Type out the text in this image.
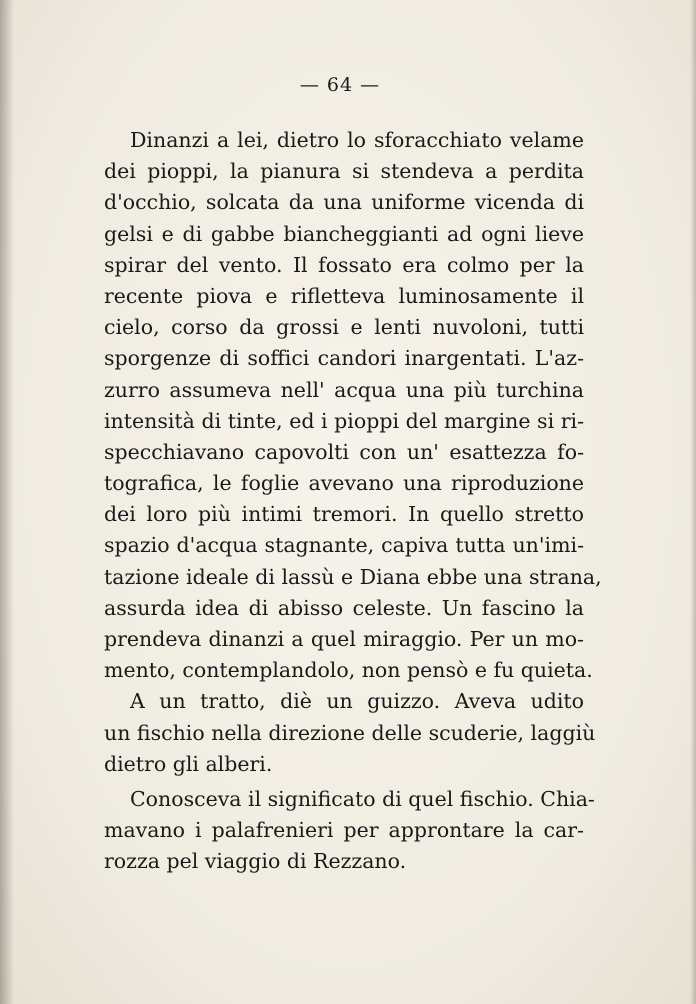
— 64 —
Dinanzi a lei, dietro lo sforacchiato velame
dei pioppi, la pianura si stendeva a perdita
d'occhio, solcata da una uniforme vicenda di
gelsi e di gabbe biancheggianti ad ogni lieve
spirar del vento. Il fossato era colmo per la
recente piova e rifletteva luminosamente il
cielo, corso da grossi e lenti nuvoloni, tutti
sporgenze di soffici candori inargentati. L'az-
zurro assumeva nell' acqua una più turchina
intensità di tinte, ed i pioppi del margine si ri-
specchiavano capovolti con un' esattezza fo-
tografica, le foglie avevano una riproduzione
dei loro più intimi tremori. In quello stretto
spazio d'acqua stagnante, capiva tutta un'imi-
tazione ideale di lassù e Diana ebbe una strana,
assurda idea di abisso celeste. Un fascino la
prendeva dinanzi a quel miraggio. Per un mo-
mento, contemplandolo, non pensò e fu quieta.
A un tratto, diè un guizzo. Aveva udito
un fischio nella direzione delle scuderie, laggiù
dietro gli alberi.
Conosceva il significato di quel fischio. Chia-
mavano i palafrenieri per approntare la car-
rozza pel viaggio di Rezzano.
